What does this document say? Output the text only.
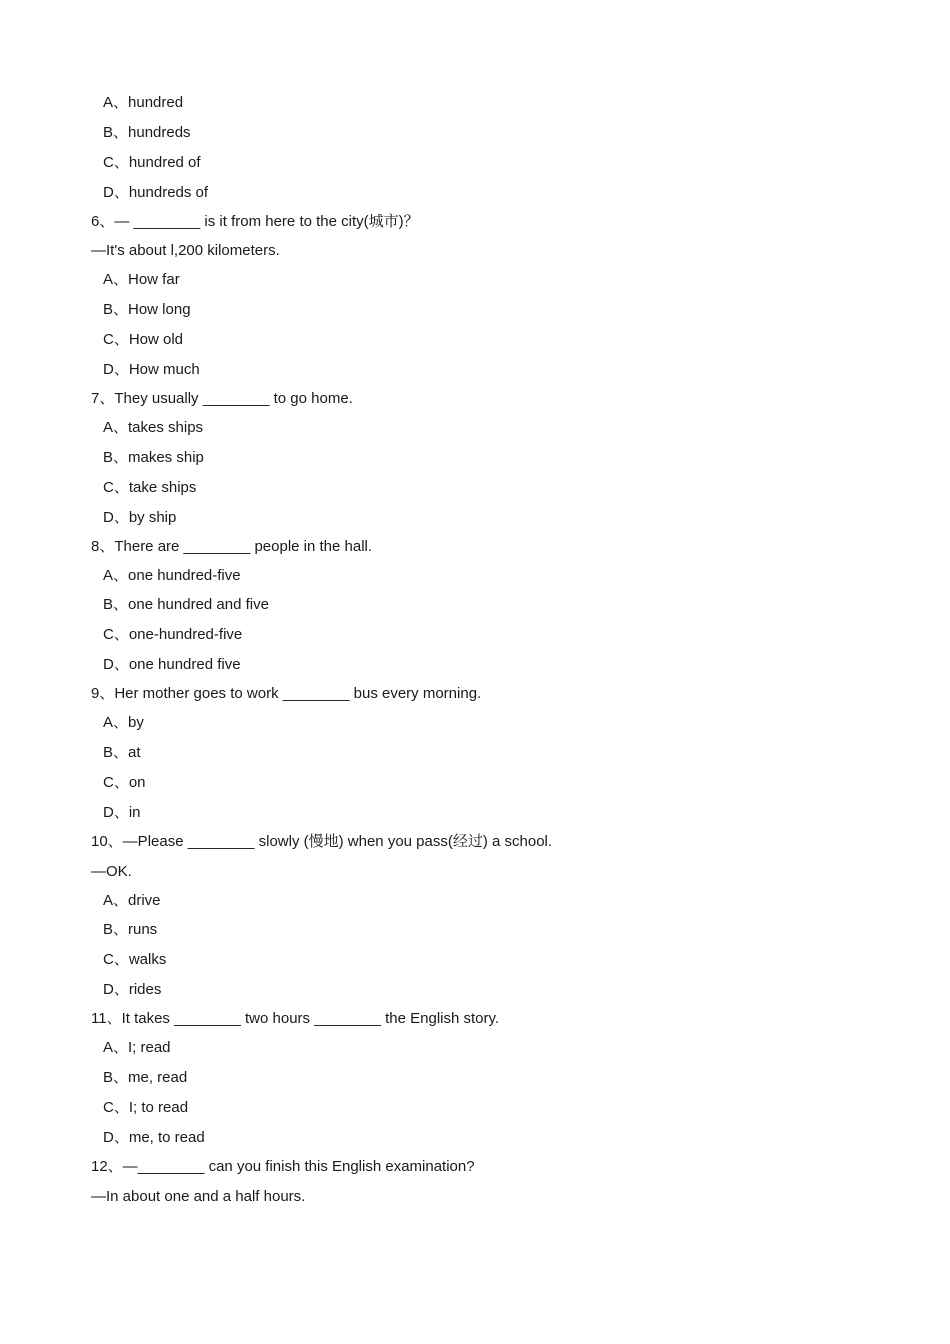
A、hundred
B、hundreds
C、hundred of
D、hundreds of
6、— ________ is it from here to the city(城市)？
—It's about l,200 kilometers.
A、How far
B、How long
C、How old
D、How much
7、They usually ________ to go home.
A、takes ships
B、makes ship
C、take ships
D、by ship
8、There are ________ people in the hall.
A、one hundred-five
B、one hundred and five
C、one-hundred-five
D、one hundred five
9、Her mother goes to work ________ bus every morning.
A、by
B、at
C、on
D、in
10、—Please ________ slowly (慢地) when you pass(经过) a school.
—OK.
A、drive
B、runs
C、walks
D、rides
11、It takes ________ two hours ________ the English story.
A、I; read
B、me, read
C、I; to read
D、me, to read
12、—________ can you finish this English examination?
—In about one and a half hours.
